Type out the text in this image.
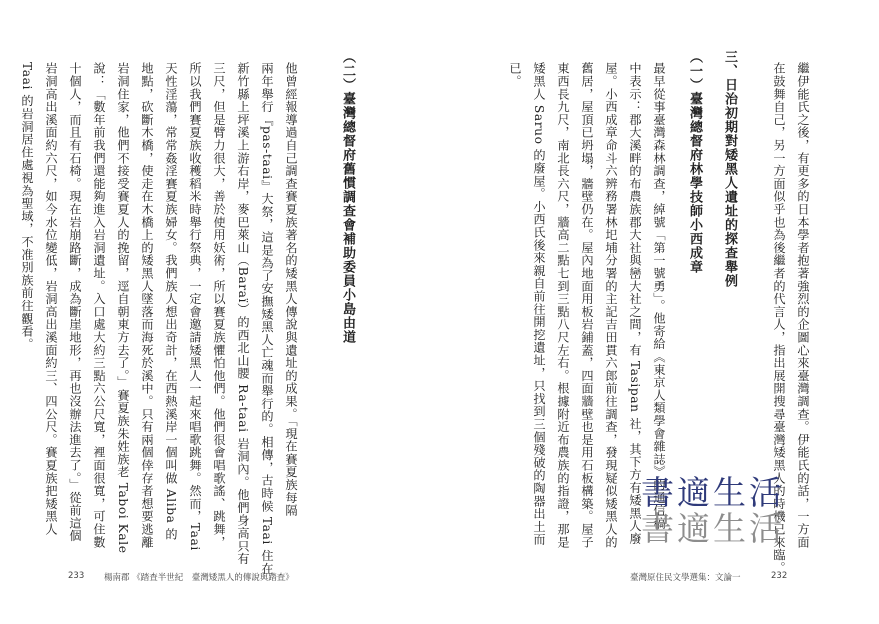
Taai 的岩洞居住處視為聖域，不准別族前往觀看。 岩洞高出溪面約六尺，如今水位變低，岩洞高出溪面約三、四公尺。賽夏族把矮黑人 十個人，而且有石椅。現在岩崩路斷，成為斷崖地形，再也沒辦法進去了。」從前這個 說：「數年前我們還能夠進入岩洞遺址。入口處大約三點六公尺寬，裡面很寬，可住數 岩洞住家，他們不接受賽夏人的挽留，逕自朝東方去了。」賽夏族朱姓族老 Taboi Kale 地點，砍斷木橋，使走在木橋上的矮黑人墜落而海死於溪中。只有兩個倖存者想要逃離 天性淫蕩，常常姦淫賽夏族婦女。我們族人想出奇計，在西熱溪岸一個叫做 Aliba 的 所以我們賽夏族收穫稻米時舉行祭典，一定會邀請矮黑人一起來唱歌跳舞。然而，Taai 三尺，但是臂力很大，善於使用妖術，所以賽夏族懼怕他們。他們很會唱歌謠、跳舞， 新竹縣上坪溪上游右岸，麥巴萊山（Baraï）的西北山腰 Ra-taai 岩洞內。他們身高只有 兩年舉行『pas-taai』大祭，這是為了安撫矮黑人亡魂而舉行的。相傳，古時候 Taai 住在 他曾經報導過自己調查賽夏族著名的矮黑人傳說與遺址的成果。「現在賽夏族每隔	（二）臺灣總督府舊慣調查會補助委員小島由道
233 楊南郡 《踏査半世紀　臺灣矮黑人的傳說與踏査》
已。 矮黑人 Saruo 的廢屋。小西氏後來親自前往開挖遺址，只找到三個殘破的陶器出土而 東西長九尺，南北長六尺，牆高二點七到三點八尺左右。根據附近布農族的指證，那是 舊居，屋頂已坍塌，牆壁仍在。屋內地面用板岩鋪蓋，四面牆壁也是用石板構築。屋子 屋。小西成章命斗六辨務署林圯埔分署的主記吉田貫六郎前往調查，發現疑似矮黑人的 中表示：郡大溪畔的布農族郡大社與巒大社之間，有 Tasipan 社，其下方有矮黑人廢 最早從事臺灣森林調查，綽號「第一號勇」。他寄給《東京人類學會雜誌》的通信稿 （一）臺灣總督府林學技師小西成章 三、日治初期對矮黑人遺址的探查舉例	在鼓舞自己，另一方面似乎也為後繼者的代言人，指出展開搜尋臺灣矮黑人的時機已來臨。 繼伊能氏之後，有更多的日本學者抱著強烈的企圖心來臺灣調查。伊能氏的話，一方面
臺灣原住民文學選集：文論一	232
書適生活
書適生活
